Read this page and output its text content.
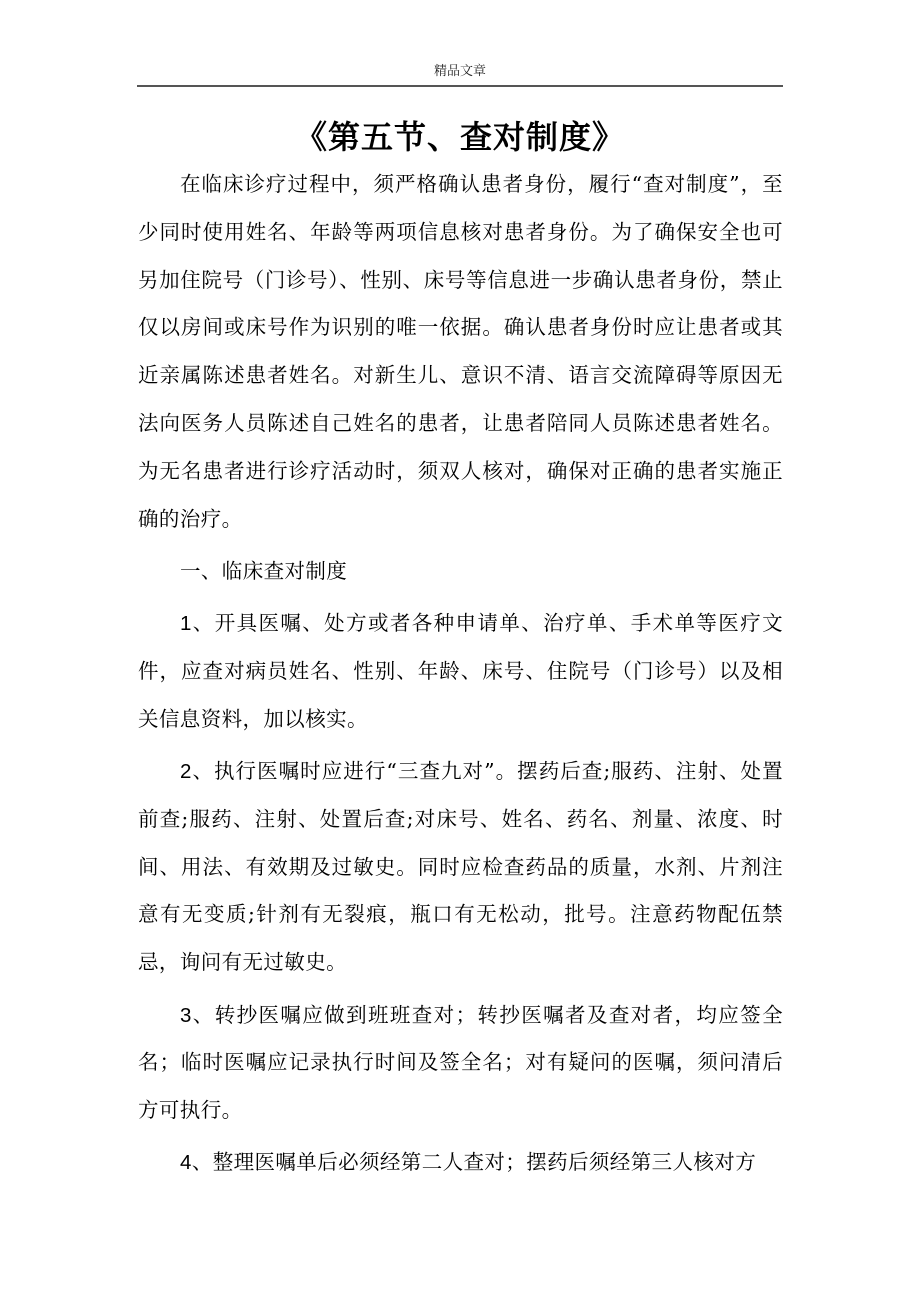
精品文章
《第五节、查对制度》

在临床诊疗过程中，须严格确认患者身份，履行“查对制度”，至少同时使用姓名、年龄等两项信息核对患者身份。为了确保安全也可另加住院号（门诊号）、性别、床号等信息进一步确认患者身份，禁止仅以房间或床号作为识别的唯一依据。确认患者身份时应让患者或其近亲属陈述患者姓名。对新生儿、意识不清、语言交流障碍等原因无法向医务人员陈述自己姓名的患者，让患者陪同人员陈述患者姓名。为无名患者进行诊疗活动时，须双人核对，确保对正确的患者实施正确的治疗。

一、临床查对制度

1、开具医嘱、处方或者各种申请单、治疗单、手术单等医疗文件，应查对病员姓名、性别、年龄、床号、住院号（门诊号）以及相关信息资料，加以核实。

2、执行医嘱时应进行“三查九对”。摆药后查;服药、注射、处置前查;服药、注射、处置后查;对床号、姓名、药名、剂量、浓度、时间、用法、有效期及过敏史。同时应检查药品的质量，水剂、片剂注意有无变质;针剂有无裂痕，瓶口有无松动，批号。注意药物配伍禁忌，询问有无过敏史。

3、转抄医嘱应做到班班查对；转抄医嘱者及查对者，均应签全名；临时医嘱应记录执行时间及签全名；对有疑问的医嘱，须问清后方可执行。

4、整理医嘱单后必须经第二人查对；摆药后须经第三人核对方
